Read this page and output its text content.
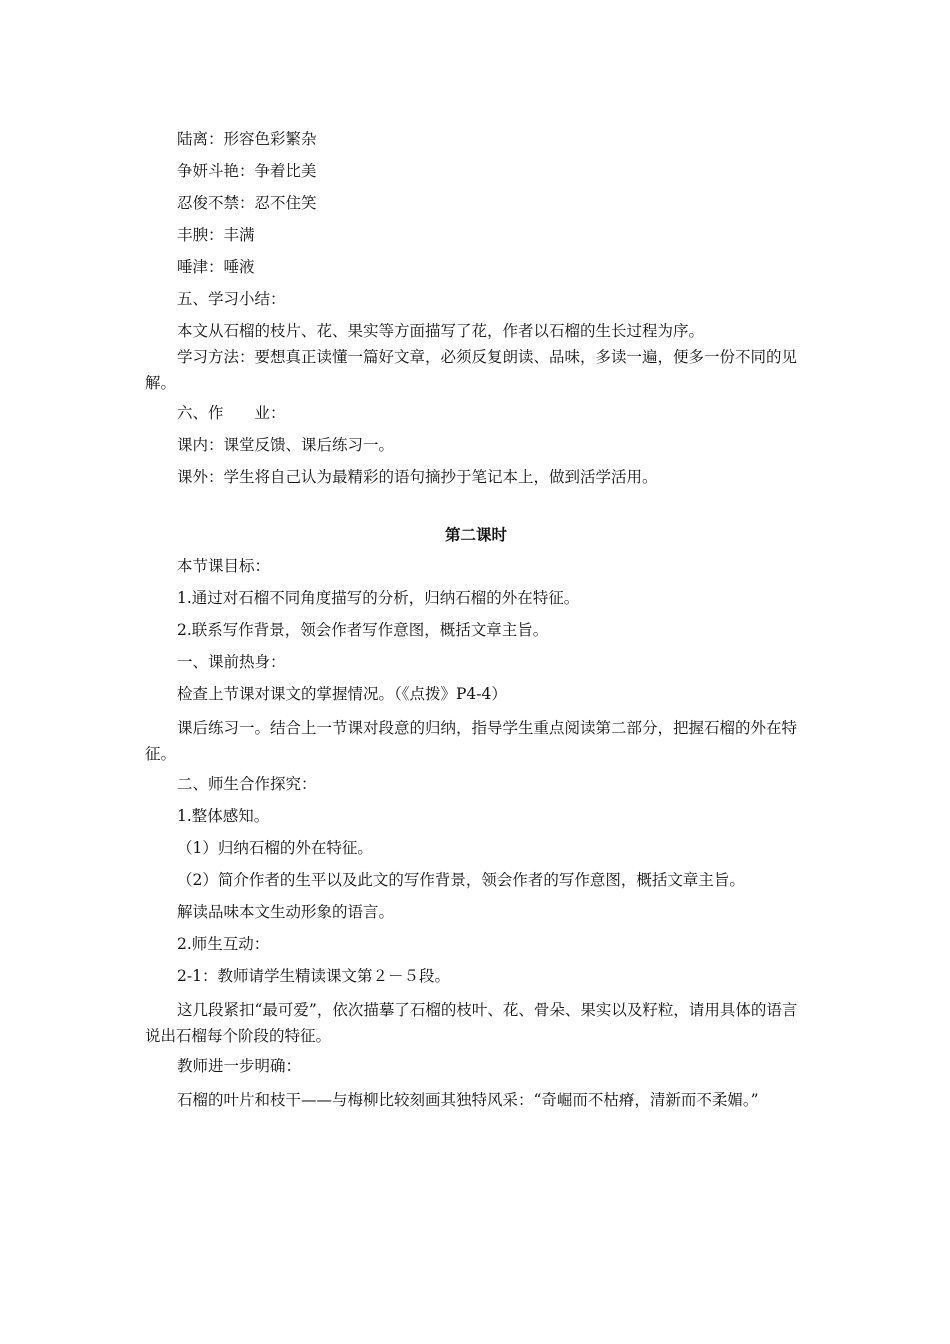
陆离：形容色彩繁杂

争妍斗艳：争着比美

忍俊不禁：忍不住笑

丰腴：丰满

唾津：唾液

五、学习小结：

本文从石榴的枝片、花、果实等方面描写了花，作者以石榴的生长过程为序。

学习方法：要想真正读懂一篇好文章，必须反复朗读、品味，多读一遍，便多一份不同的见解。

六、作　　业：

课内：课堂反馈、课后练习一。

课外：学生将自己认为最精彩的语句摘抄于笔记本上，做到活学活用。

第二课时

本节课目标：

1.通过对石榴不同角度描写的分析，归纳石榴的外在特征。

2.联系写作背景，领会作者写作意图，概括文章主旨。

一、课前热身：

检查上节课对课文的掌握情况。（《点拨》P4-4）

课后练习一。结合上一节课对段意的归纳，指导学生重点阅读第二部分，把握石榴的外在特征。

二、师生合作探究：

1.整体感知。

（1）归纳石榴的外在特征。

（2）简介作者的生平以及此文的写作背景，领会作者的写作意图，概括文章主旨。

解读品味本文生动形象的语言。

2.师生互动：

2-1：教师请学生精读课文第２－５段。

这几段紧扣“最可爱”，依次描摹了石榴的枝叶、花、骨朵、果实以及籽粒，请用具体的语言说出石榴每个阶段的特征。

教师进一步明确：

石榴的叶片和枝干——与梅柳比较刻画其独特风采：“奇崛而不枯瘠，清新而不柔媚。”
